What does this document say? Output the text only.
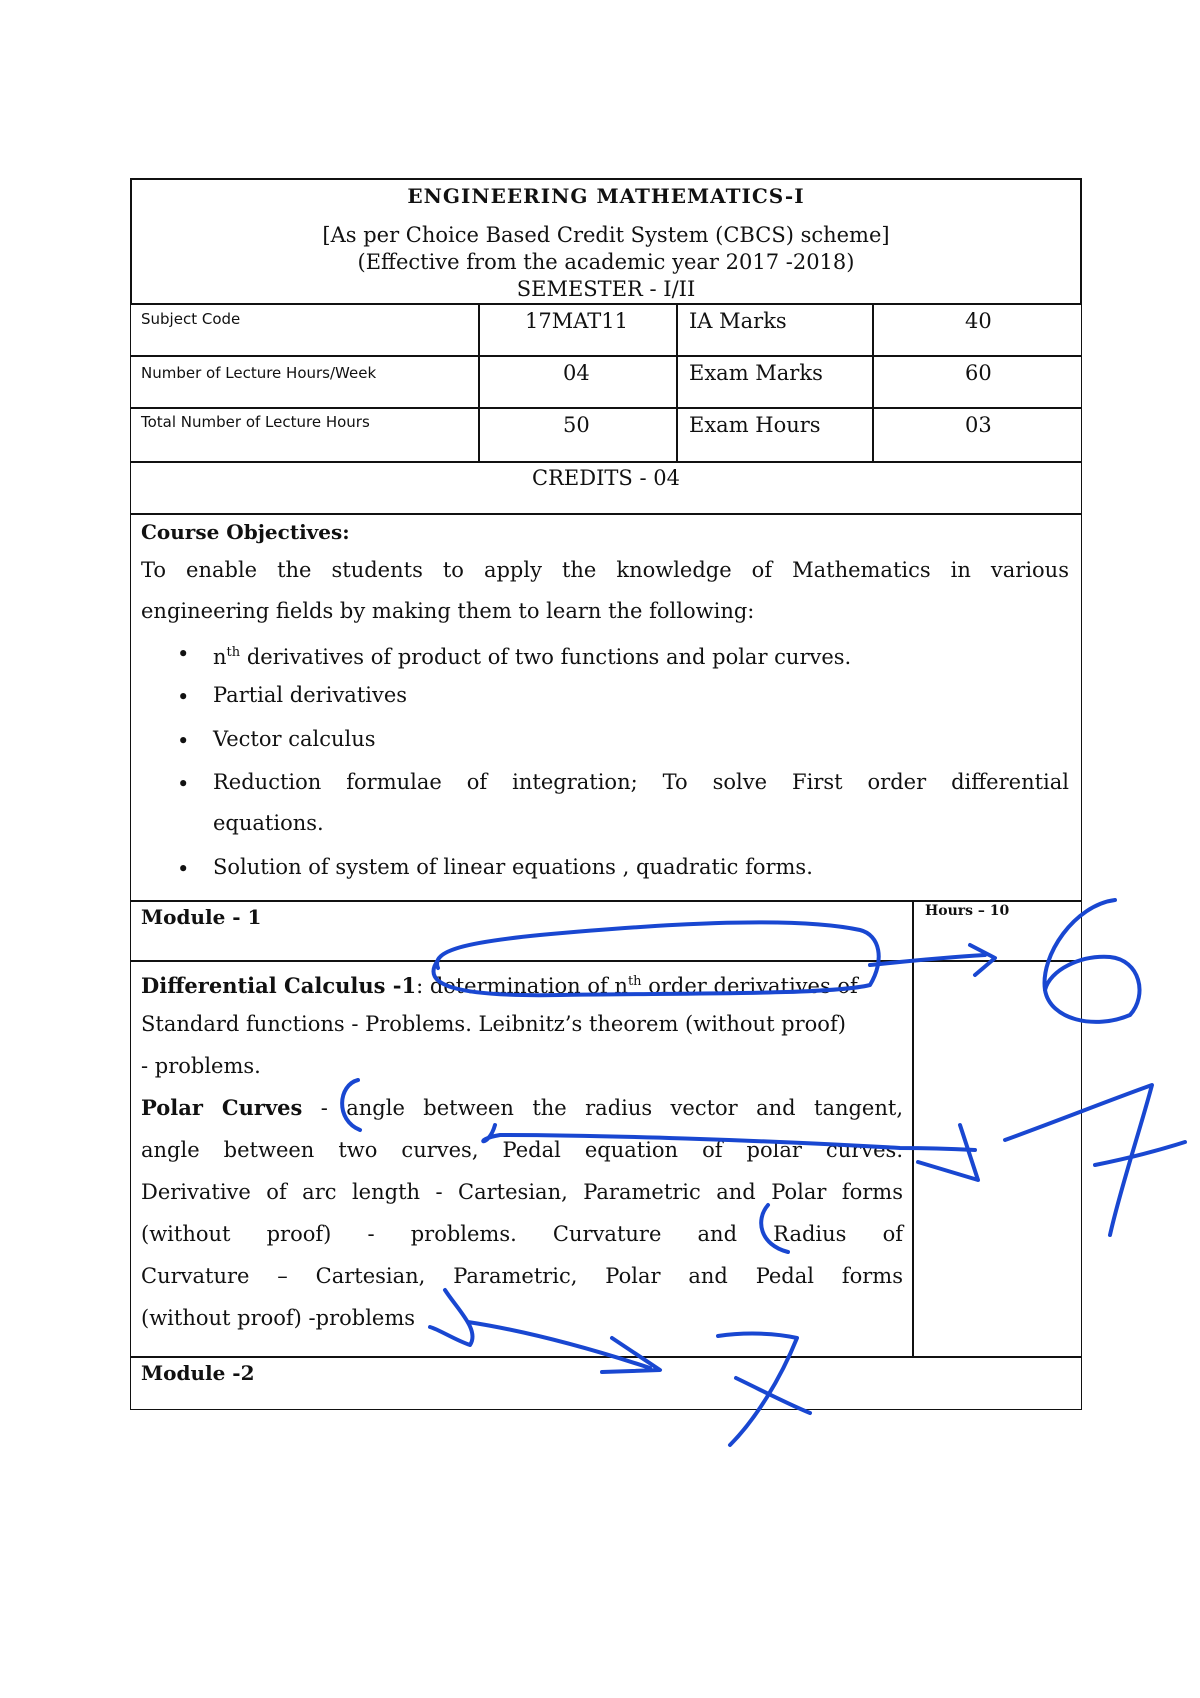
ENGINEERING MATHEMATICS-I
[As per Choice Based Credit System (CBCS) scheme]
(Effective from the academic year 2017 -2018)
SEMESTER - I/II
Subject Code	17MAT11	IA Marks	40
Number of Lecture Hours/Week	04	Exam Marks	60
Total Number of Lecture Hours	50	Exam Hours	03
CREDITS - 04
Course Objectives:
To enable the students to apply the knowledge of Mathematics in various
engineering fields by making them to learn the following:
• $n^{th}$ derivatives of product of two functions and polar curves.
• Partial derivatives
• Vector calculus
• Reduction formulae of integration; To solve First order differential
equations.
• Solution of system of linear equations , quadratic forms.
Module - 1	Hours – 10
Differential Calculus -1: determination of $n^{th}$ order derivatives of
Standard functions - Problems. Leibnitz’s theorem (without proof)
- problems.
Polar Curves - angle between the radius vector and tangent,
angle between two curves, Pedal equation of polar curves.
Derivative of arc length - Cartesian, Parametric and Polar forms
(without proof) - problems. Curvature and Radius of
Curvature – Cartesian, Parametric, Polar and Pedal forms
(without proof) -problems
Module -2
